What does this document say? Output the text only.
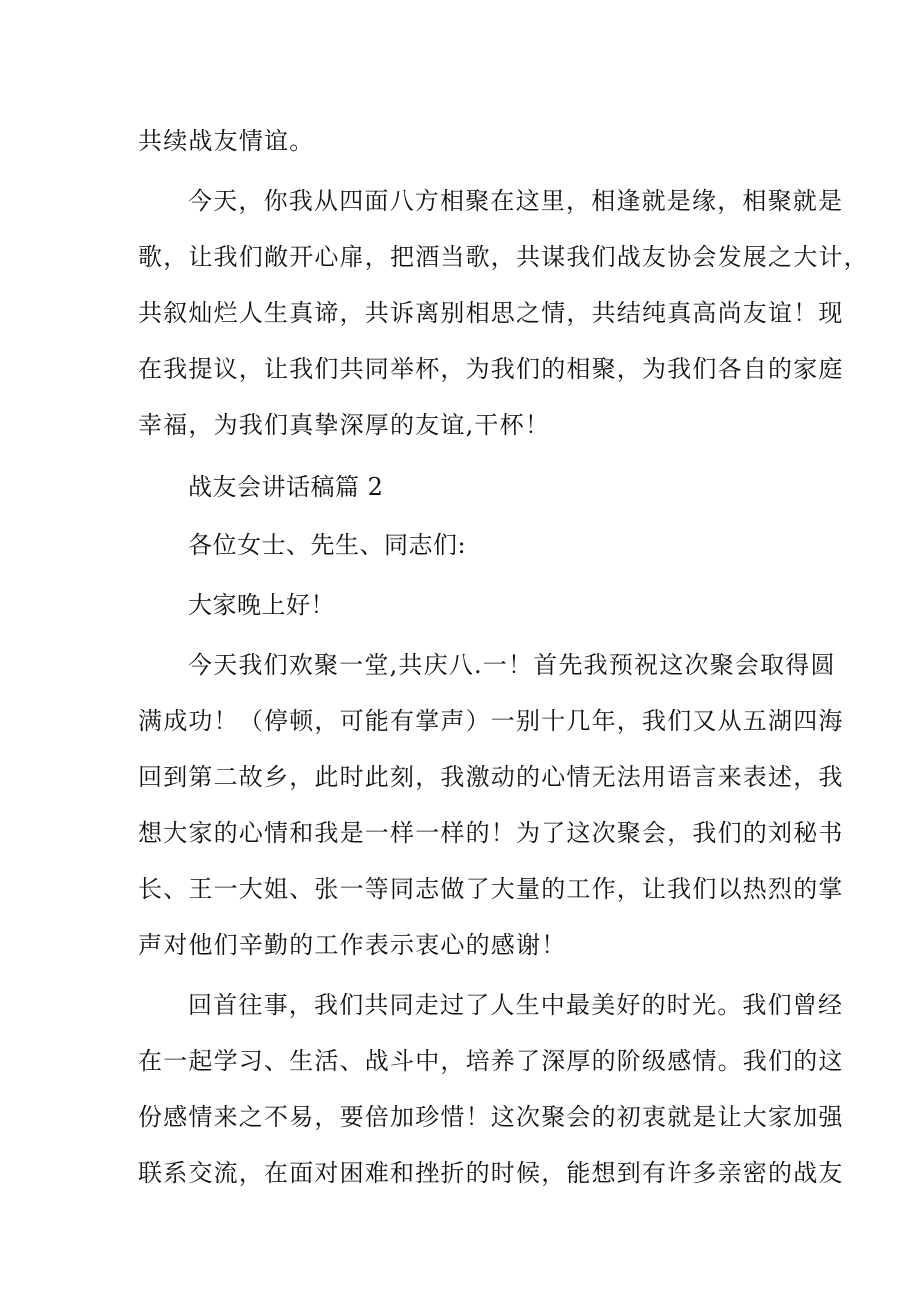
共续战友情谊。

今天，你我从四面八方相聚在这里，相逢就是缘，相聚就是

歌，让我们敞开心扉，把酒当歌，共谋我们战友协会发展之大计，

共叙灿烂人生真谛，共诉离别相思之情，共结纯真高尚友谊！现

在我提议，让我们共同举杯，为我们的相聚，为我们各自的家庭

幸福，为我们真挚深厚的友谊,干杯！

战友会讲话稿篇 2

各位女士、先生、同志们:

大家晚上好！

今天我们欢聚一堂,共庆八.一！首先我预祝这次聚会取得圆

满成功！（停顿，可能有掌声）一别十几年，我们又从五湖四海

回到第二故乡，此时此刻，我激动的心情无法用语言来表述，我

想大家的心情和我是一样一样的！为了这次聚会，我们的刘秘书

长、王一大姐、张一等同志做了大量的工作，让我们以热烈的掌

声对他们辛勤的工作表示衷心的感谢！

回首往事，我们共同走过了人生中最美好的时光。我们曾经

在一起学习、生活、战斗中，培养了深厚的阶级感情。我们的这

份感情来之不易，要倍加珍惜！这次聚会的初衷就是让大家加强

联系交流，在面对困难和挫折的时候，能想到有许多亲密的战友
